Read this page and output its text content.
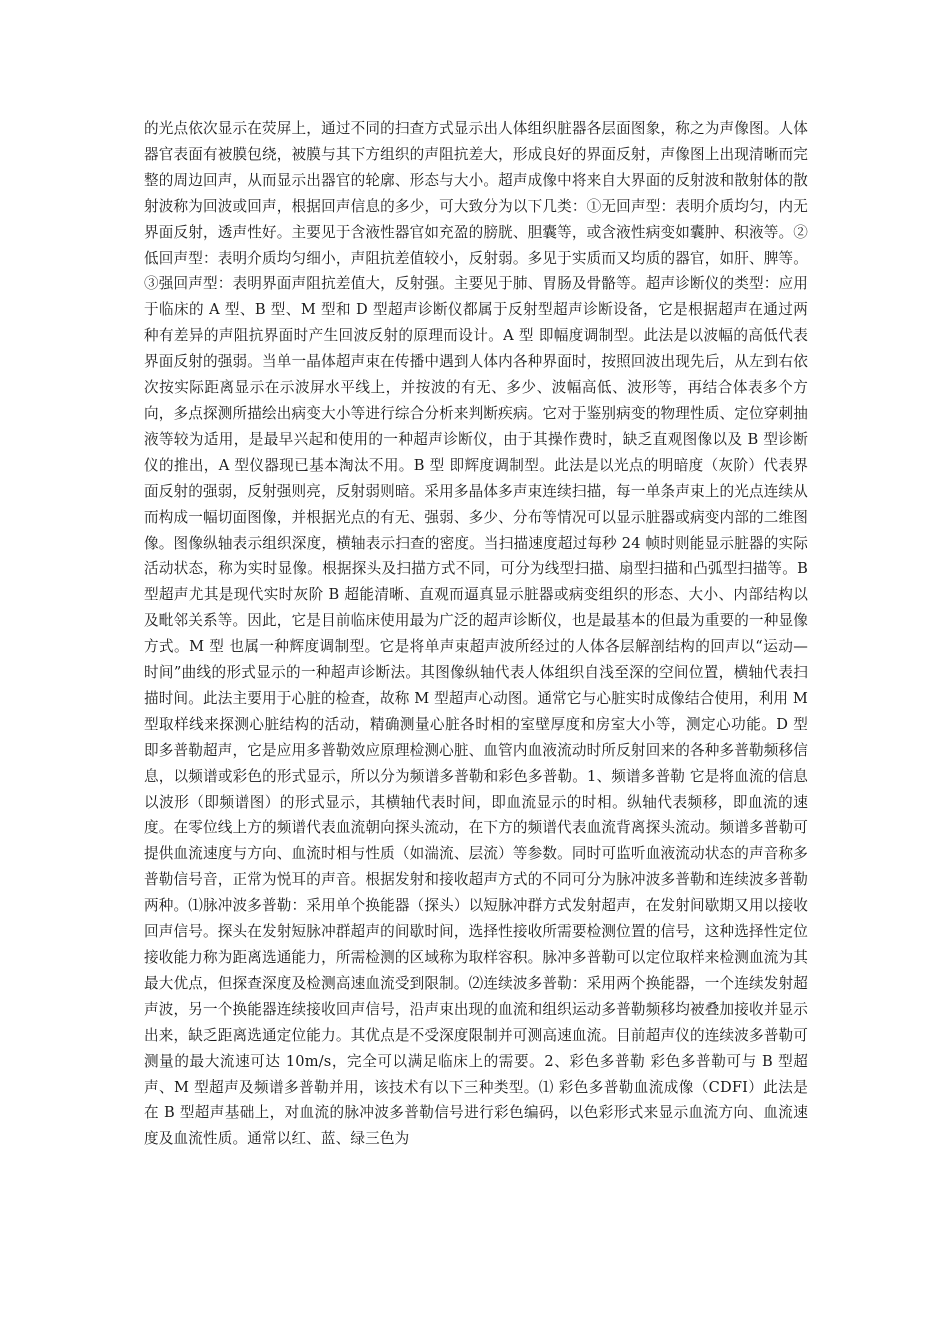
的光点依次显示在荧屏上，通过不同的扫查方式显示出人体组织脏器各层面图象，称之为声像图。人体器官表面有被膜包绕，被膜与其下方组织的声阻抗差大，形成良好的界面反射，声像图上出现清晰而完整的周边回声，从而显示出器官的轮廓、形态与大小。超声成像中将来自大界面的反射波和散射体的散射波称为回波或回声，根据回声信息的多少，可大致分为以下几类：①无回声型：表明介质均匀，内无界面反射，透声性好。主要见于含液性器官如充盈的膀胱、胆囊等，或含液性病变如囊肿、积液等。②低回声型：表明介质均匀细小，声阻抗差值较小，反射弱。多见于实质而又均质的器官，如肝、脾等。③强回声型：表明界面声阻抗差值大，反射强。主要见于肺、胃肠及骨骼等。超声诊断仪的类型：应用于临床的 A 型、B 型、M 型和 D 型超声诊断仪都属于反射型超声诊断设备，它是根据超声在通过两种有差异的声阻抗界面时产生回波反射的原理而设计。A 型 即幅度调制型。此法是以波幅的高低代表界面反射的强弱。当单一晶体超声束在传播中遇到人体内各种界面时，按照回波出现先后，从左到右依次按实际距离显示在示波屏水平线上，并按波的有无、多少、波幅高低、波形等，再结合体表多个方向，多点探测所描绘出病变大小等进行综合分析来判断疾病。它对于鉴别病变的物理性质、定位穿刺抽液等较为适用，是最早兴起和使用的一种超声诊断仪，由于其操作费时，缺乏直观图像以及 B 型诊断仪的推出，A 型仪器现已基本淘汰不用。B 型 即辉度调制型。此法是以光点的明暗度（灰阶）代表界面反射的强弱，反射强则亮，反射弱则暗。采用多晶体多声束连续扫描，每一单条声束上的光点连续从而构成一幅切面图像，并根据光点的有无、强弱、多少、分布等情况可以显示脏器或病变内部的二维图像。图像纵轴表示组织深度，横轴表示扫查的密度。当扫描速度超过每秒 24 帧时则能显示脏器的实际活动状态，称为实时显像。根据探头及扫描方式不同，可分为线型扫描、扇型扫描和凸弧型扫描等。B 型超声尤其是现代实时灰阶 B 超能清晰、直观而逼真显示脏器或病变组织的形态、大小、内部结构以及毗邻关系等。因此，它是目前临床使用最为广泛的超声诊断仪，也是最基本的但最为重要的一种显像方式。M 型 也属一种辉度调制型。它是将单声束超声波所经过的人体各层解剖结构的回声以“运动—时间”曲线的形式显示的一种超声诊断法。其图像纵轴代表人体组织自浅至深的空间位置，横轴代表扫描时间。此法主要用于心脏的检查，故称 M 型超声心动图。通常它与心脏实时成像结合使用，利用 M 型取样线来探测心脏结构的活动，精确测量心脏各时相的室壁厚度和房室大小等，测定心功能。D 型 即多普勒超声，它是应用多普勒效应原理检测心脏、血管内血液流动时所反射回来的各种多普勒频移信息，以频谱或彩色的形式显示，所以分为频谱多普勒和彩色多普勒。1、频谱多普勒 它是将血流的信息以波形（即频谱图）的形式显示，其横轴代表时间，即血流显示的时相。纵轴代表频移，即血流的速度。在零位线上方的频谱代表血流朝向探头流动，在下方的频谱代表血流背离探头流动。频谱多普勒可提供血流速度与方向、血流时相与性质（如湍流、层流）等参数。同时可监听血液流动状态的声音称多普勒信号音，正常为悦耳的声音。根据发射和接收超声方式的不同可分为脉冲波多普勒和连续波多普勒两种。⑴脉冲波多普勒：采用单个换能器（探头）以短脉冲群方式发射超声，在发射间歇期又用以接收回声信号。探头在发射短脉冲群超声的间歇时间，选择性接收所需要检测位置的信号，这种选择性定位接收能力称为距离选通能力，所需检测的区域称为取样容积。脉冲多普勒可以定位取样来检测血流为其最大优点，但探查深度及检测高速血流受到限制。⑵连续波多普勒：采用两个换能器，一个连续发射超声波，另一个换能器连续接收回声信号，沿声束出现的血流和组织运动多普勒频移均被叠加接收并显示出来，缺乏距离选通定位能力。其优点是不受深度限制并可测高速血流。目前超声仪的连续波多普勒可测量的最大流速可达 10m/s，完全可以满足临床上的需要。2、彩色多普勒 彩色多普勒可与 B 型超声、M 型超声及频谱多普勒并用，该技术有以下三种类型。⑴ 彩色多普勒血流成像（CDFI）此法是在 B 型超声基础上，对血流的脉冲波多普勒信号进行彩色编码，以色彩形式来显示血流方向、血流速度及血流性质。通常以红、蓝、绿三色为
